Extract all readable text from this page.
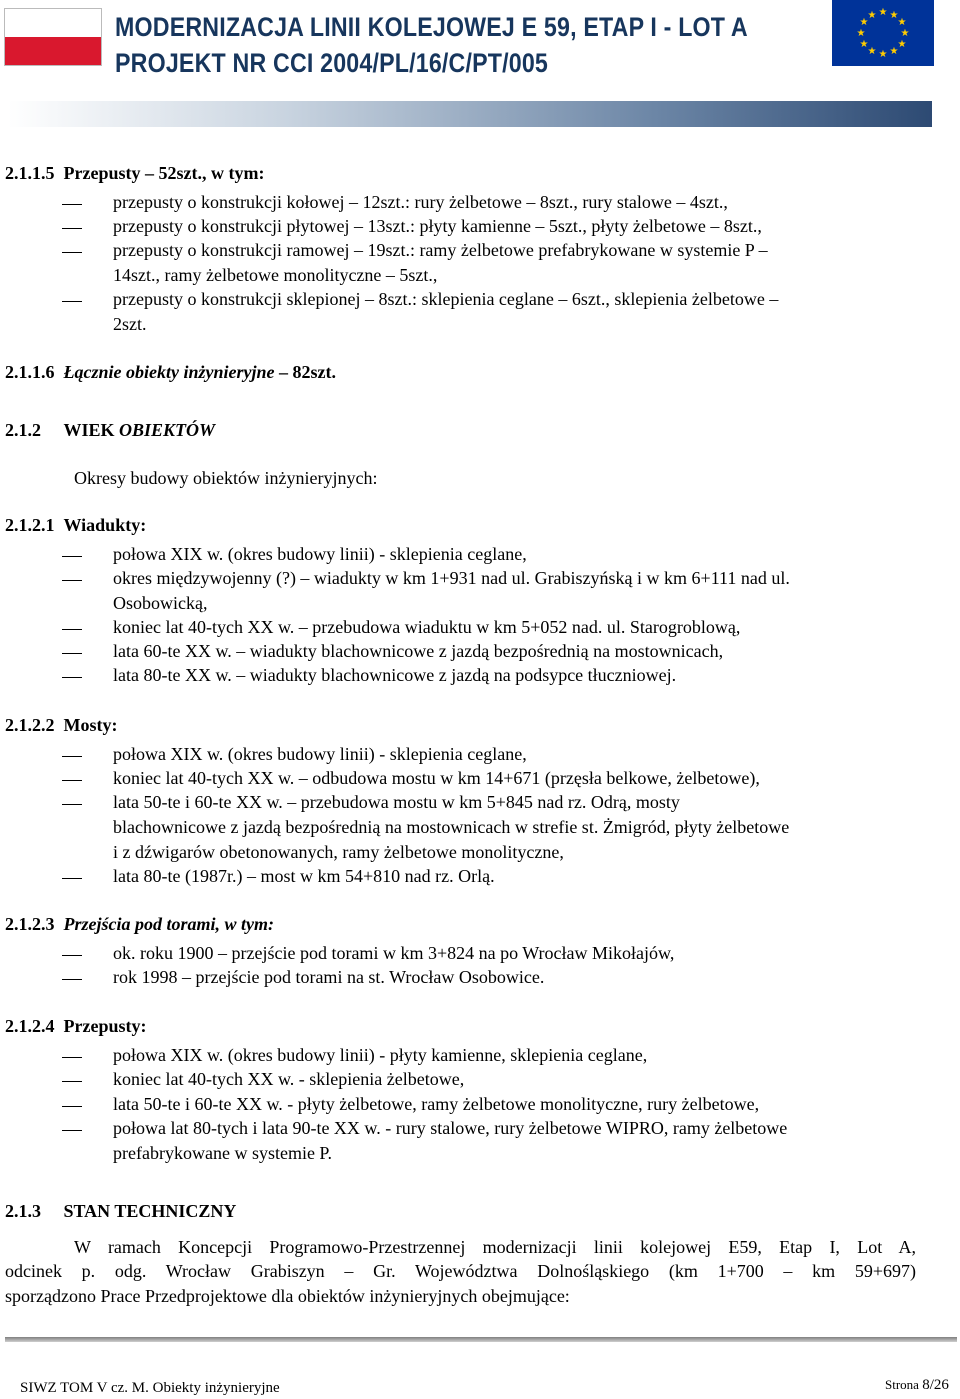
MODERNIZACJA LINII KOLEJOWEJ E 59, ETAP I - LOT A
PROJEKT NR CCI 2004/PL/16/C/PT/005
★ ★
★
★
★
★
★
★
★
★
★
★
2.1.1.5 Przepusty – 52szt., w tym:
przepusty o konstrukcji kołowej – 12szt.: rury żelbetowe – 8szt., rury stalowe – 4szt.,
przepusty o konstrukcji płytowej – 13szt.: płyty kamienne – 5szt., płyty żelbetowe – 8szt.,
przepusty o konstrukcji ramowej – 19szt.: ramy żelbetowe prefabrykowane w systemie P –
14szt., ramy żelbetowe monolityczne – 5szt.,
przepusty o konstrukcji sklepionej – 8szt.: sklepienia ceglane – 6szt., sklepienia żelbetowe –
2szt.
2.1.1.6 Łącznie obiekty inżynieryjne – 82szt.
2.1.2 WIEK OBIEKTÓW
Okresy budowy obiektów inżynieryjnych:
2.1.2.1 Wiadukty:
połowa XIX w. (okres budowy linii) - sklepienia ceglane,
okres międzywojenny (?) – wiadukty w km 1+931 nad ul. Grabiszyńską i w km 6+111 nad ul.
Osobowicką,
koniec lat 40-tych XX w. – przebudowa wiaduktu w km 5+052 nad. ul. Starogroblową,
lata 60-te XX w. – wiadukty blachownicowe z jazdą bezpośrednią na mostownicach,
lata 80-te XX w. – wiadukty blachownicowe z jazdą na podsypce tłuczniowej.
2.1.2.2 Mosty:
połowa XIX w. (okres budowy linii) - sklepienia ceglane,
koniec lat 40-tych XX w. – odbudowa mostu w km 14+671 (przęsła belkowe, żelbetowe),
lata 50-te i 60-te XX w. – przebudowa mostu w km 5+845 nad rz. Odrą, mosty
blachownicowe z jazdą bezpośrednią na mostownicach w strefie st. Żmigród, płyty żelbetowe
i z dźwigarów obetonowanych, ramy żelbetowe monolityczne,
lata 80-te (1987r.) – most w km 54+810 nad rz. Orlą.
2.1.2.3 Przejścia pod torami, w tym:
ok. roku 1900 – przejście pod torami w km 3+824 na po Wrocław Mikołajów,
rok 1998 – przejście pod torami na st. Wrocław Osobowice.
2.1.2.4 Przepusty:
połowa XIX w. (okres budowy linii) - płyty kamienne, sklepienia ceglane,
koniec lat 40-tych XX w. - sklepienia żelbetowe,
lata 50-te i 60-te XX w. - płyty żelbetowe, ramy żelbetowe monolityczne, rury żelbetowe,
połowa lat 80-tych i lata 90-te XX w. - rury stalowe, rury żelbetowe WIPRO, ramy żelbetowe
prefabrykowane w systemie P.
2.1.3 STAN TECHNICZNY
W ramach Koncepcji Programowo-Przestrzennej modernizacji linii kolejowej E59, Etap I, Lot A,
odcinek p. odg. Wrocław Grabiszyn – Gr. Województwa Dolnośląskiego (km 1+700 – km 59+697)
sporządzono Prace Przedprojektowe dla obiektów inżynieryjnych obejmujące:
SIWZ TOM V cz. M. Obiekty inżynieryjne	Strona 8/26
